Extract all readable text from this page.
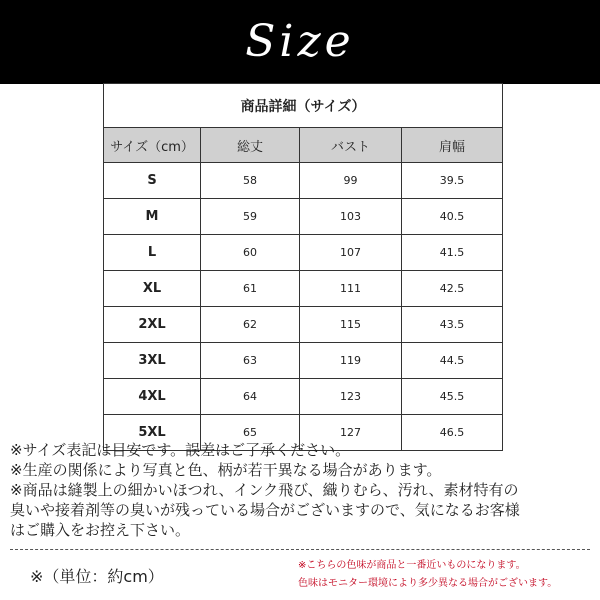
Size
商品詳細（サイズ）			
サイズ（cm）	総丈	バスト	肩幅
S	58	99	39.5
M	59	103	40.5
L	60	107	41.5
XL	61	111	42.5
2XL	62	115	43.5
3XL	63	119	44.5
4XL	64	123	45.5
5XL	65	127	46.5
※サイズ表記は目安です。誤差はご了承ください。
※生産の関係により写真と色、柄が若干異なる場合があります。
※商品は縫製上の細かいほつれ、インク飛び、織りむら、汚れ、素材特有の
臭いや接着剤等の臭いが残っている場合がございますので、気になるお客様
はご購入をお控え下さい。
※（単位：約cm）
※こちらの色味が商品と一番近いものになります。
色味はモニター環境により多少異なる場合がございます。
